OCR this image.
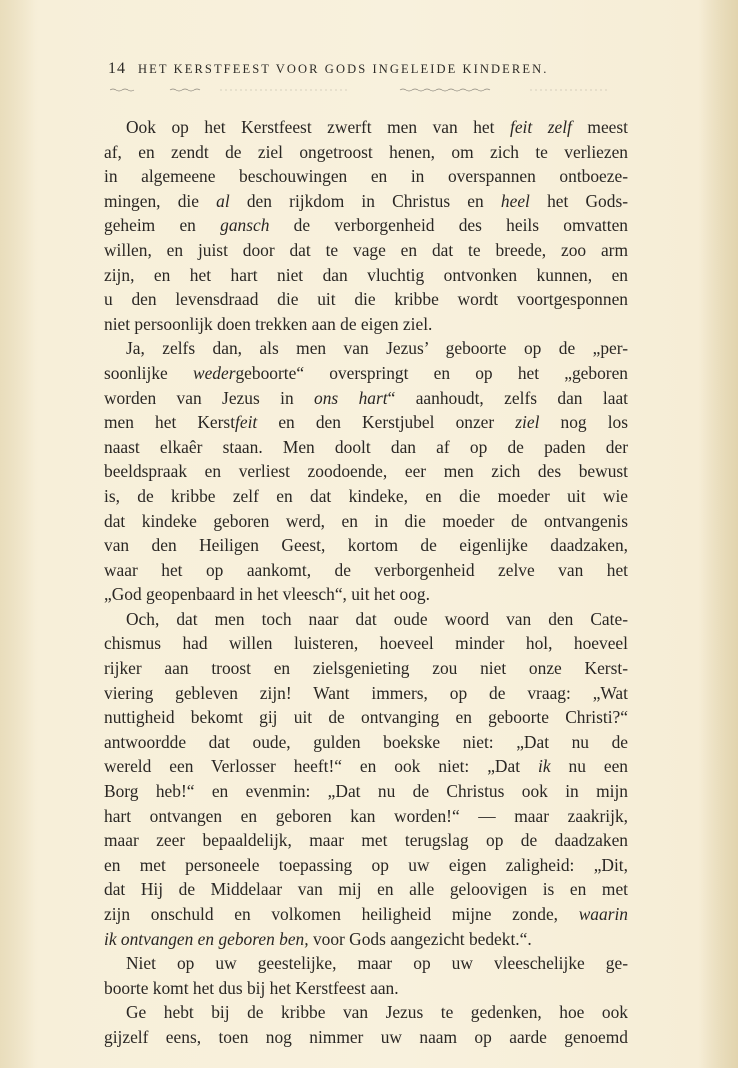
14 HET KERSTFEEST VOOR GODS INGELEIDE KINDEREN.
Ook op het Kerstfeest zwerft men van het feit zelf meest
af, en zendt de ziel ongetroost henen, om zich te verliezen
in algemeene beschouwingen en in overspannen ontboeze-
mingen, die al den rijkdom in Christus en heel het Gods-
geheim en gansch de verborgenheid des heils omvatten
willen, en juist door dat te vage en dat te breede, zoo arm
zijn, en het hart niet dan vluchtig ontvonken kunnen, en
u den levensdraad die uit die kribbe wordt voortgesponnen
niet persoonlijk doen trekken aan de eigen ziel.
Ja, zelfs dan, als men van Jezus’ geboorte op de „per-
soonlijke wedergeboorte“ overspringt en op het „geboren
worden van Jezus in ons hart“ aanhoudt, zelfs dan laat
men het Kerstfeit en den Kerstjubel onzer ziel nog los
naast elkaêr staan. Men doolt dan af op de paden der
beeldspraak en verliest zoodoende, eer men zich des bewust
is, de kribbe zelf en dat kindeke, en die moeder uit wie
dat kindeke geboren werd, en in die moeder de ontvangenis
van den Heiligen Geest, kortom de eigenlijke daadzaken,
waar het op aankomt, de verborgenheid zelve van het
„God geopenbaard in het vleesch“, uit het oog.
Och, dat men toch naar dat oude woord van den Cate-
chismus had willen luisteren, hoeveel minder hol, hoeveel
rijker aan troost en zielsgenieting zou niet onze Kerst-
viering gebleven zijn! Want immers, op de vraag: „Wat
nuttigheid bekomt gij uit de ontvanging en geboorte Christi?“
antwoordde dat oude, gulden boekske niet: „Dat nu de
wereld een Verlosser heeft!“ en ook niet: „Dat ik nu een
Borg heb!“ en evenmin: „Dat nu de Christus ook in mijn
hart ontvangen en geboren kan worden!“ — maar zaakrijk,
maar zeer bepaaldelijk, maar met terugslag op de daadzaken
en met personeele toepassing op uw eigen zaligheid: „Dit,
dat Hij de Middelaar van mij en alle geloovigen is en met
zijn onschuld en volkomen heiligheid mijne zonde, waarin
ik ontvangen en geboren ben, voor Gods aangezicht bedekt.“.
Niet op uw geestelijke, maar op uw vleeschelijke ge-
boorte komt het dus bij het Kerstfeest aan.
Ge hebt bij de kribbe van Jezus te gedenken, hoe ook
gijzelf eens, toen nog nimmer uw naam op aarde genoemd
